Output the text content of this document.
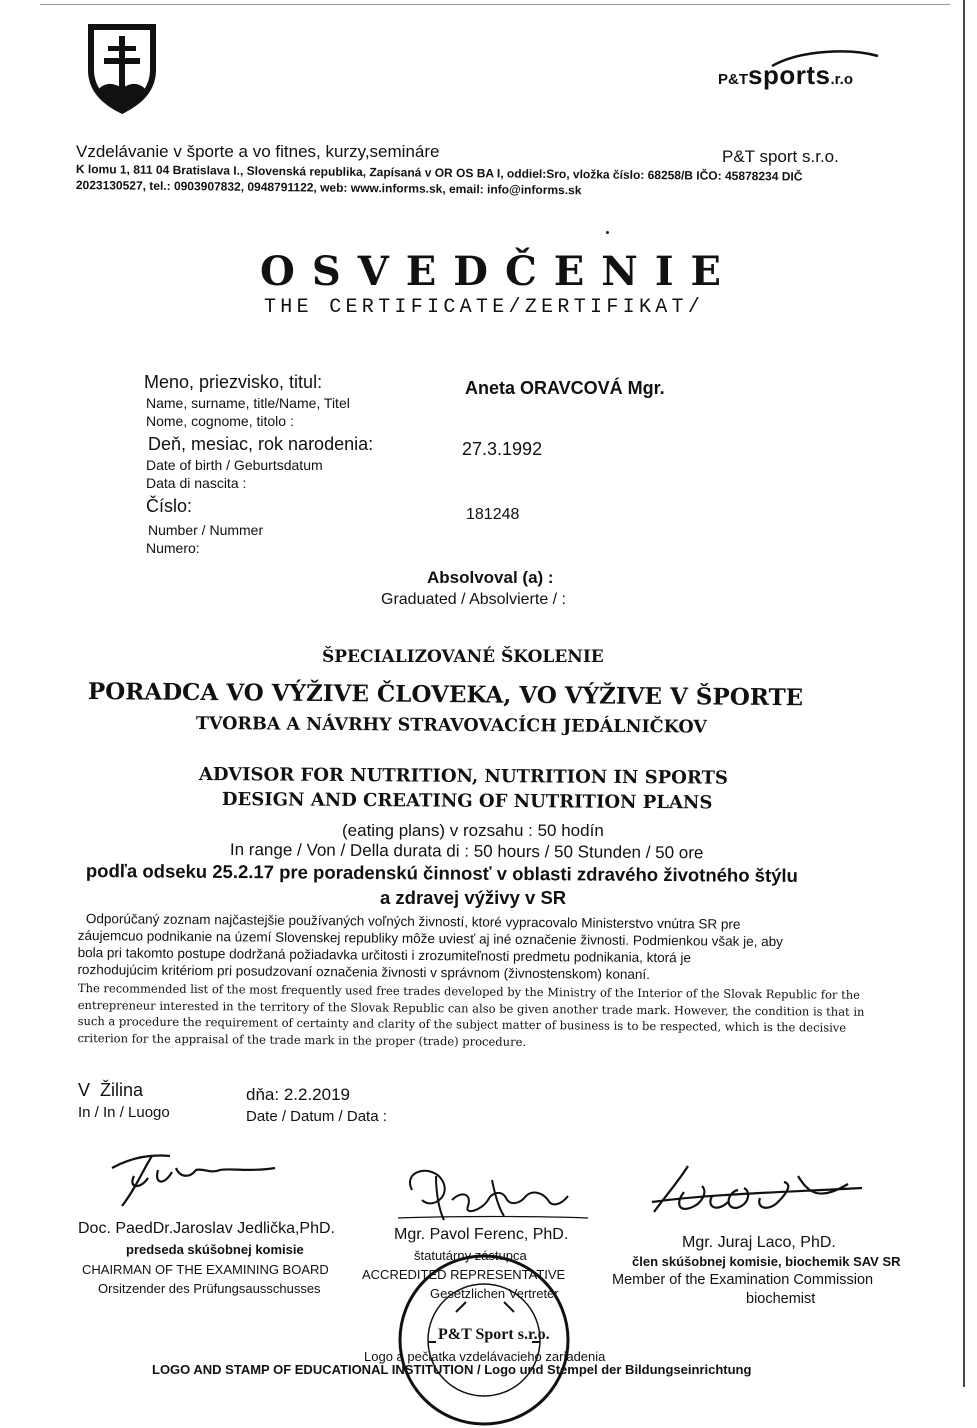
P&Tsports.r.o
Vzdelávanie v športe a vo fitnes, kurzy,semináre	P&T sport s.r.o.
K lomu 1, 811 04 Bratislava I., Slovenská republika, Zapísaná v OR OS BA I, oddiel:Sro, vložka číslo: 68258/B IČO: 45878234 DIČ
2023130527, tel.: 0903907832, 0948791122, web: www.informs.sk, email: info@informs.sk
OSVEDČENIE
THE CERTIFICATE/ZERTIFIKAT/
Meno, priezvisko, titul:
Name, surname, title/Name, Titel
Nome, cognome, titolo :
Aneta ORAVCOVÁ Mgr.
Deň, mesiac, rok narodenia:
Date of birth / Geburtsdatum
Data di nascita :
27.3.1992
Číslo:
Number / Nummer
Numero:
181248
Absolvoval (a) :
Graduated / Absolvierte / :
ŠPECIALIZOVANÉ ŠKOLENIE
PORADCA VO VÝŽIVE ČLOVEKA, VO VÝŽIVE V ŠPORTE
TVORBA A NÁVRHY STRAVOVACÍCH JEDÁLNIČKOV
ADVISOR FOR NUTRITION, NUTRITION IN SPORTS
DESIGN AND CREATING OF NUTRITION PLANS
(eating plans) v rozsahu : 50 hodín
In range / Von / Della durata di : 50 hours / 50 Stunden / 50 ore
podľa odseku 25.2.17 pre poradenskú činnosť v oblasti zdravého životného štýlu
a zdravej výživy v SR
Odporúčaný zoznam najčastejšie používaných voľných živností, ktoré vypracovalo Ministerstvo vnútra SR pre
záujemcuo podnikanie na území Slovenskej republiky môže uviesť aj iné označenie živnosti. Podmienkou však je, aby
bola pri takomto postupe dodržaná požiadavka určitosti i zrozumiteľnosti predmetu podnikania, ktorá je
rozhodujúcim kritériom pri posudzovaní označenia živnosti v správnom (živnostenskom) konaní.
The recommended list of the most frequently used free trades developed by the Ministry of the Interior of the Slovak Republic for the
entrepreneur interested in the territory of the Slovak Republic can also be given another trade mark. However, the condition is that in
such a procedure the requirement of certainty and clarity of the subject matter of business is to be respected, which is the decisive
criterion for the appraisal of the trade mark in the proper (trade) procedure.
V Žilina
In / In / Luogo
dňa: 2.2.2019
Date / Datum / Data :
Doc. PaedDr.Jaroslav Jedlička,PhD.
predseda skúšobnej komisie
CHAIRMAN OF THE EXAMINING BOARD
Orsitzender des Prüfungsausschusses
Mgr. Pavol Ferenc, PhD.
štatutárny zástupca
ACCREDITED REPRESENTATIVE
Gesetzlichen Vertreter
Mgr. Juraj Laco, PhD.
člen skúšobnej komisie, biochemik SAV SR
Member of the Examination Commission
biochemist
P&T Sport s.r.o.
Logo a pečiatka vzdelávacieho zariadenia
LOGO AND STAMP OF EDUCATIONAL INSTITUTION / Logo und Stempel der Bildungseinrichtung
